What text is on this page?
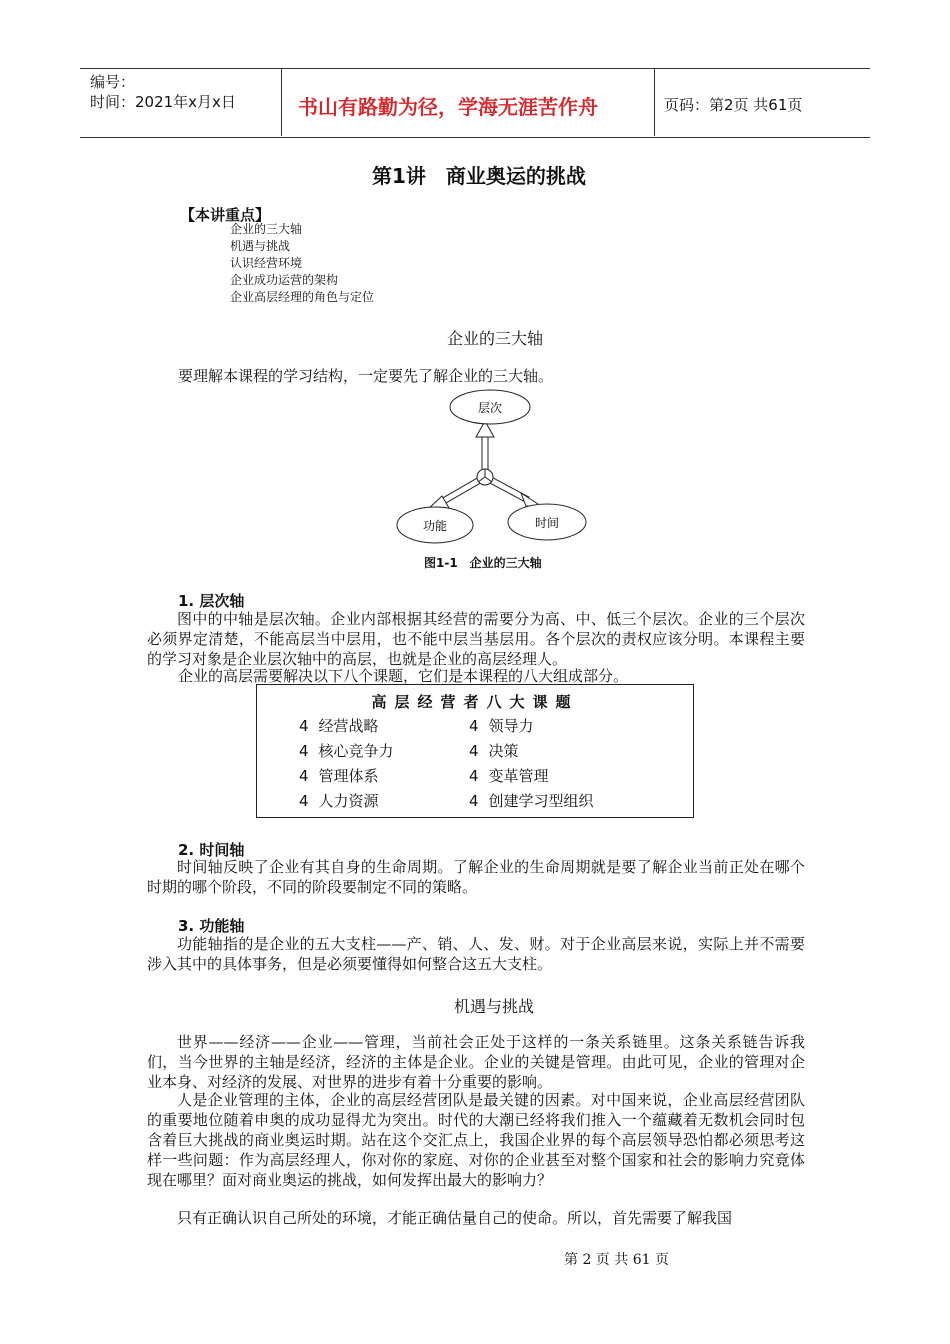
编号：
时间：2021年x月x日	书山有路勤为径，学海无涯苦作舟	页码：第2页 共61页
第1讲　商业奥运的挑战
【本讲重点】
企业的三大轴
机遇与挑战
认识经营环境
企业成功运营的架构
企业高层经理的角色与定位
企业的三大轴
要理解本课程的学习结构，一定要先了解企业的三大轴。
层次
功能	时间
图1-1　企业的三大轴
1. 层次轴
图中的中轴是层次轴。企业内部根据其经营的需要分为高、中、低三个层次。企业的三个层次必须界定清楚，不能高层当中层用，也不能中层当基层用。各个层次的责权应该分明。本课程主要的学习对象是企业层次轴中的高层，也就是企业的高层经理人。
企业的高层需要解决以下八个课题，它们是本课程的八大组成部分。
高层经营者八大课题
4 经营战略	4 领导力
4 核心竞争力	4 决策
4 管理体系	4 变革管理
4 人力资源	4 创建学习型组织
2. 时间轴
时间轴反映了企业有其自身的生命周期。了解企业的生命周期就是要了解企业当前正处在哪个时期的哪个阶段，不同的阶段要制定不同的策略。
3. 功能轴
功能轴指的是企业的五大支柱——产、销、人、发、财。对于企业高层来说，实际上并不需要涉入其中的具体事务，但是必须要懂得如何整合这五大支柱。
机遇与挑战
世界——经济——企业——管理，当前社会正处于这样的一条关系链里。这条关系链告诉我们，当今世界的主轴是经济，经济的主体是企业。企业的关键是管理。由此可见，企业的管理对企业本身、对经济的发展、对世界的进步有着十分重要的影响。
人是企业管理的主体，企业的高层经营团队是最关键的因素。对中国来说，企业高层经营团队的重要地位随着申奥的成功显得尤为突出。时代的大潮已经将我们推入一个蕴藏着无数机会同时包含着巨大挑战的商业奥运时期。站在这个交汇点上，我国企业界的每个高层领导恐怕都必须思考这样一些问题：作为高层经理人，你对你的家庭、对你的企业甚至对整个国家和社会的影响力究竟体现在哪里？面对商业奥运的挑战，如何发挥出最大的影响力？
只有正确认识自己所处的环境，才能正确估量自己的使命。所以，首先需要了解我国
第 2 页 共 61 页
